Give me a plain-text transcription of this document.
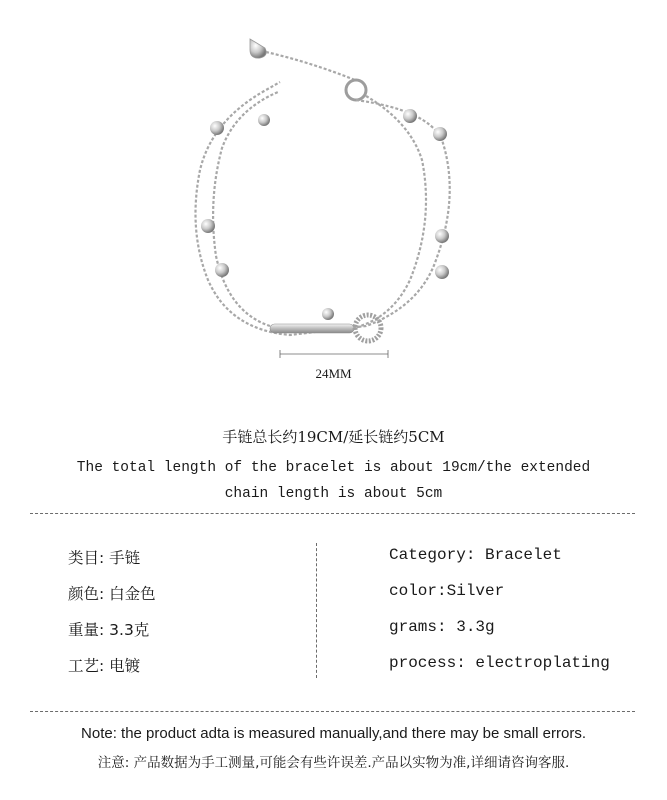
24MM
手链总长约19CM/延长链约5CM
The total length of the bracelet is about 19cm/the extended
chain length is about 5cm
类目: 手链
颜色: 白金色
重量: 3.3克
工艺: 电镀
Category: Bracelet
color:Silver
grams: 3.3g
process: electroplating
Note: the product adta is measured manually,and there may be small errors.
注意: 产品数据为手工测量,可能会有些许误差.产品以实物为准,详细请咨询客服.
